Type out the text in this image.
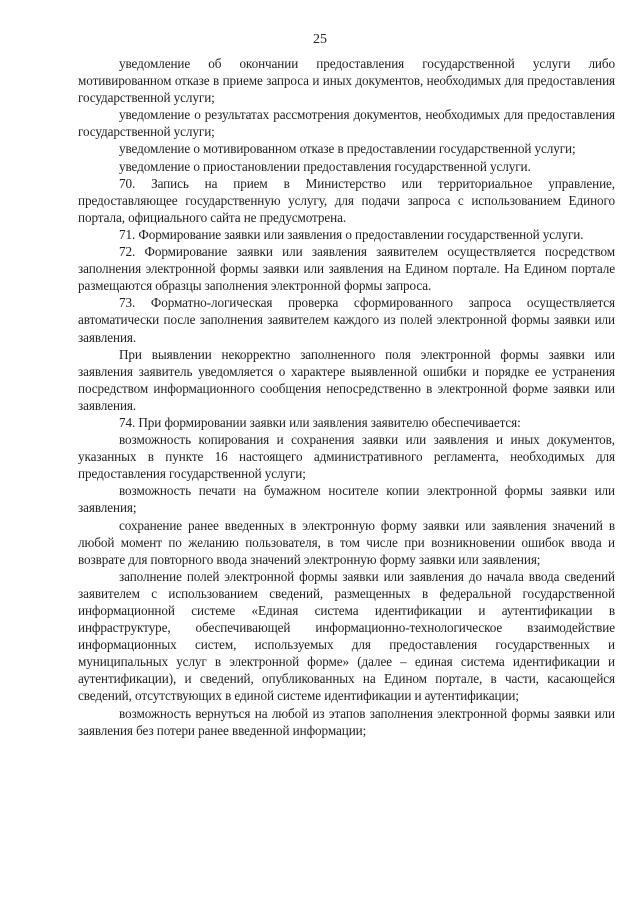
25

уведомление об окончании предоставления государственной услуги либо мотивированном отказе в приеме запроса и иных документов, необходимых для предоставления государственной услуги;

уведомление о результатах рассмотрения документов, необходимых для предоставления государственной услуги;

уведомление о мотивированном отказе в предоставлении государственной услуги;

уведомление о приостановлении предоставления государственной услуги.

70. Запись на прием в Министерство или территориальное управление, предоставляющее государственную услугу, для подачи запроса с использованием Единого портала, официального сайта не предусмотрена.

71. Формирование заявки или заявления о предоставлении государственной услуги.

72. Формирование заявки или заявления заявителем осуществляется посредством заполнения электронной формы заявки или заявления на Едином портале. На Едином портале размещаются образцы заполнения электронной формы запроса.

73. Форматно-логическая проверка сформированного запроса осуществляется автоматически после заполнения заявителем каждого из полей электронной формы заявки или заявления.

При выявлении некорректно заполненного поля электронной формы заявки или заявления заявитель уведомляется о характере выявленной ошибки и порядке ее устранения посредством информационного сообщения непосредственно в электронной форме заявки или заявления.

74. При формировании заявки или заявления заявителю обеспечивается:

возможность копирования и сохранения заявки или заявления и иных документов, указанных в пункте 16 настоящего административного регламента, необходимых для предоставления государственной услуги;

возможность печати на бумажном носителе копии электронной формы заявки или заявления;

сохранение ранее введенных в электронную форму заявки или заявления значений в любой момент по желанию пользователя, в том числе при возникновении ошибок ввода и возврате для повторного ввода значений электронную форму заявки или заявления;

заполнение полей электронной формы заявки или заявления до начала ввода сведений заявителем с использованием сведений, размещенных в федеральной государственной информационной системе «Единая система идентификации и аутентификации в инфраструктуре, обеспечивающей информационно-технологическое взаимодействие информационных систем, используемых для предоставления государственных и муниципальных услуг в электронной форме» (далее – единая система идентификации и аутентификации), и сведений, опубликованных на Едином портале, в части, касающейся сведений, отсутствующих в единой системе идентификации и аутентификации;

возможность вернуться на любой из этапов заполнения электронной формы заявки или заявления без потери ранее введенной информации;
